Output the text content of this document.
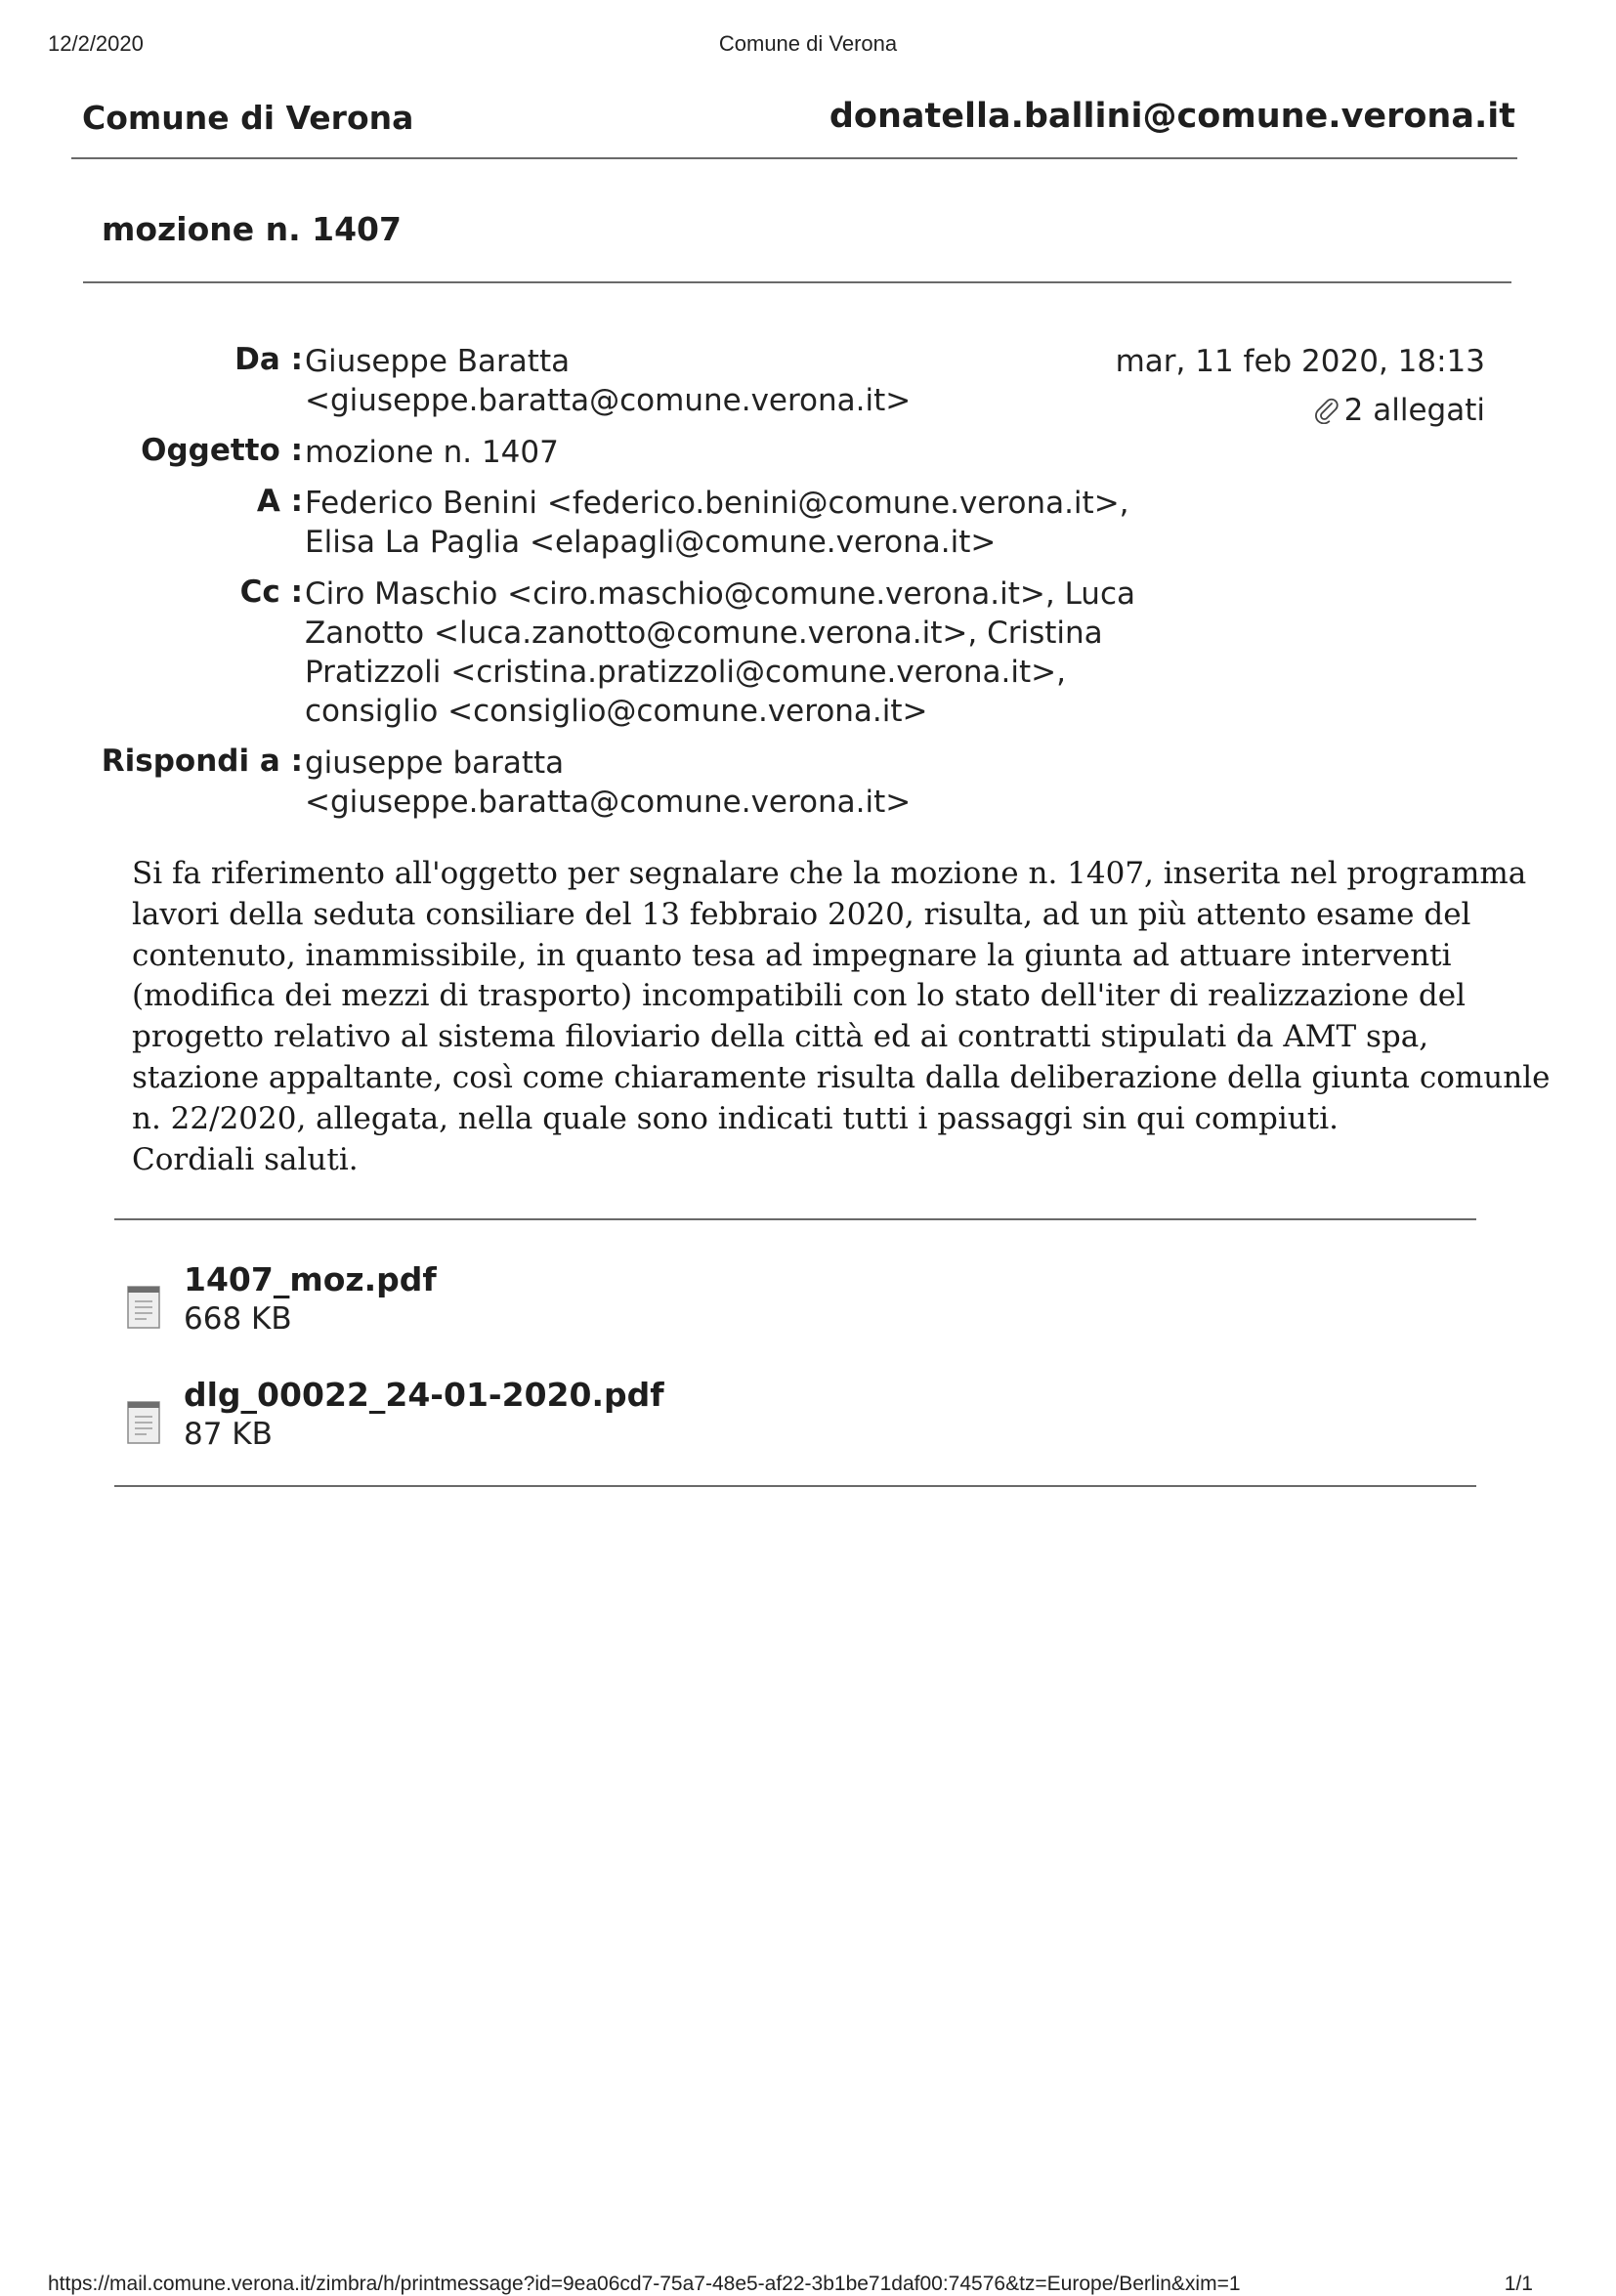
12/2/2020	Comune di Verona
Comune di Verona	donatella.ballini@comune.verona.it
mozione n. 1407
Da : Giuseppe Baratta
<giuseppe.baratta@comune.verona.it>
Oggetto : mozione n. 1407
A : Federico Benini <federico.benini@comune.verona.it>,
Elisa La Paglia <elapagli@comune.verona.it>
Cc : Ciro Maschio <ciro.maschio@comune.verona.it>, Luca
Zanotto <luca.zanotto@comune.verona.it>, Cristina
Pratizzoli <cristina.pratizzoli@comune.verona.it>,
consiglio <consiglio@comune.verona.it>
Rispondi a : giuseppe baratta
<giuseppe.baratta@comune.verona.it>
mar, 11 feb 2020, 18:13
2 allegati
Si fa riferimento all'oggetto per segnalare che la mozione n. 1407, inserita nel programma
lavori della seduta consiliare del 13 febbraio 2020, risulta, ad un più attento esame del
contenuto, inammissibile, in quanto tesa ad impegnare la giunta ad attuare interventi
(modifica dei mezzi di trasporto) incompatibili con lo stato dell'iter di realizzazione del
progetto relativo al sistema filoviario della città ed ai contratti stipulati da AMT spa,
stazione appaltante, così come chiaramente risulta dalla deliberazione della giunta comunle
n. 22/2020, allegata, nella quale sono indicati tutti i passaggi sin qui compiuti.
Cordiali saluti.
1407_moz.pdf
668 KB
dlg_00022_24-01-2020.pdf
87 KB
https://mail.comune.verona.it/zimbra/h/printmessage?id=9ea06cd7-75a7-48e5-af22-3b1be71daf00:74576&tz=Europe/Berlin&xim=1	1/1
